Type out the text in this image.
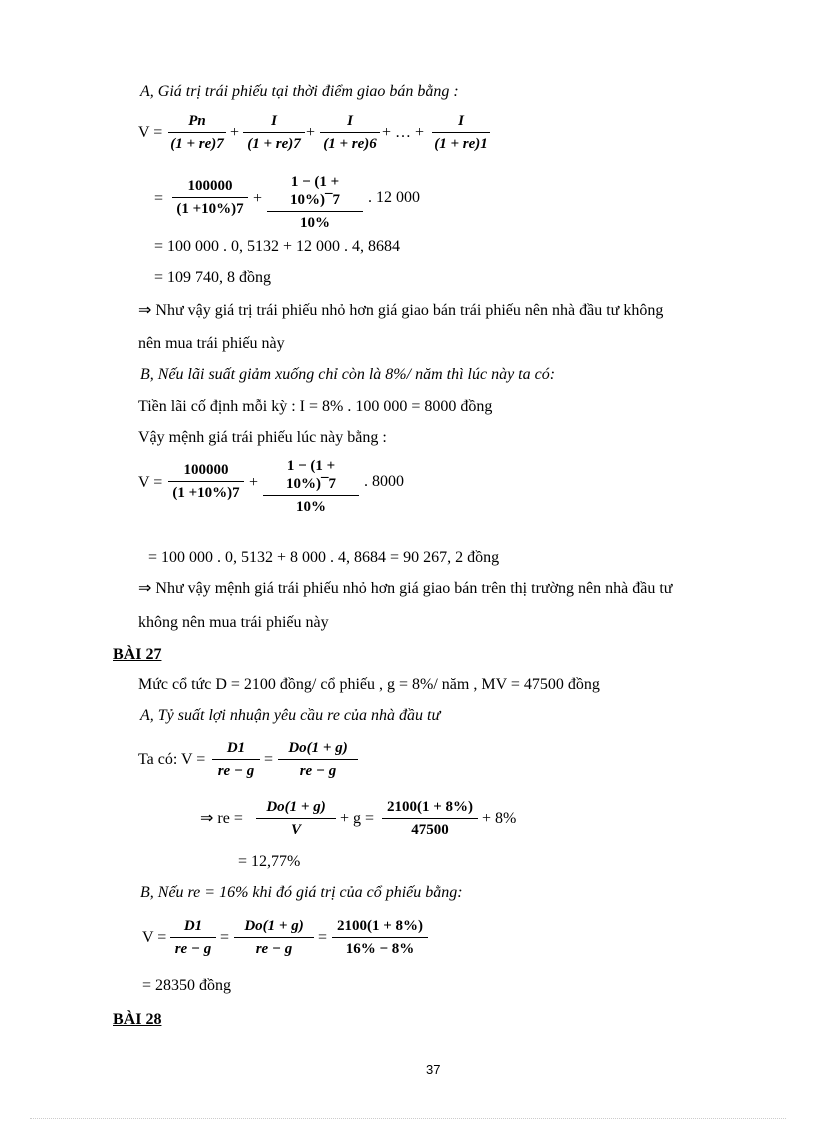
A, Giá trị trái phiếu tại thời điểm giao bán bằng :
V =
Pn
(1 + re)7
+
I
(1 + re)7
+
I
(1 + re)6
+ … +
I
(1 + re)1
=
100000
(1 +10%)7
+
1 − (1 + 10%)¯7
10%
. 12 000
= 100 000 . 0, 5132 + 12 000 . 4, 8684
= 109 740, 8 đồng
⇒ Như vậy giá trị trái phiếu nhỏ hơn giá giao bán trái phiếu nên nhà đầu tư không
nên mua trái phiếu này
B, Nếu lãi suất giảm xuống chỉ còn là 8%/ năm thì lúc này ta có:
Tiền lãi cố định mỗi kỳ : I = 8% . 100 000 = 8000 đồng
Vậy mệnh giá trái phiếu lúc này bằng :
V =
100000
(1 +10%)7
+
1 − (1 + 10%)¯7
10%
. 8000
= 100 000 . 0, 5132 + 8 000 . 4, 8684 = 90 267, 2 đồng
⇒ Như vậy mệnh giá trái phiếu nhỏ hơn giá giao bán trên thị trường nên nhà đầu tư
không nên mua trái phiếu này
BÀI 27
Mức cổ tức D = 2100 đồng/ cổ phiếu , g = 8%/ năm , MV = 47500 đồng
A, Tỷ suất lợi nhuận yêu cầu re của nhà đầu tư
Ta có: V =
D1
re − g
=
Do(1 + g)
re − g
⇒ re =
Do(1 + g)
V
+ g =
2100(1 + 8%)
47500
+ 8%
= 12,77%
B, Nếu re = 16% khi đó giá trị của cổ phiếu bằng:
V =
D1
re − g
=
Do(1 + g)
re − g
=
2100(1 + 8%)
16% − 8%
= 28350 đồng
BÀI 28
37
